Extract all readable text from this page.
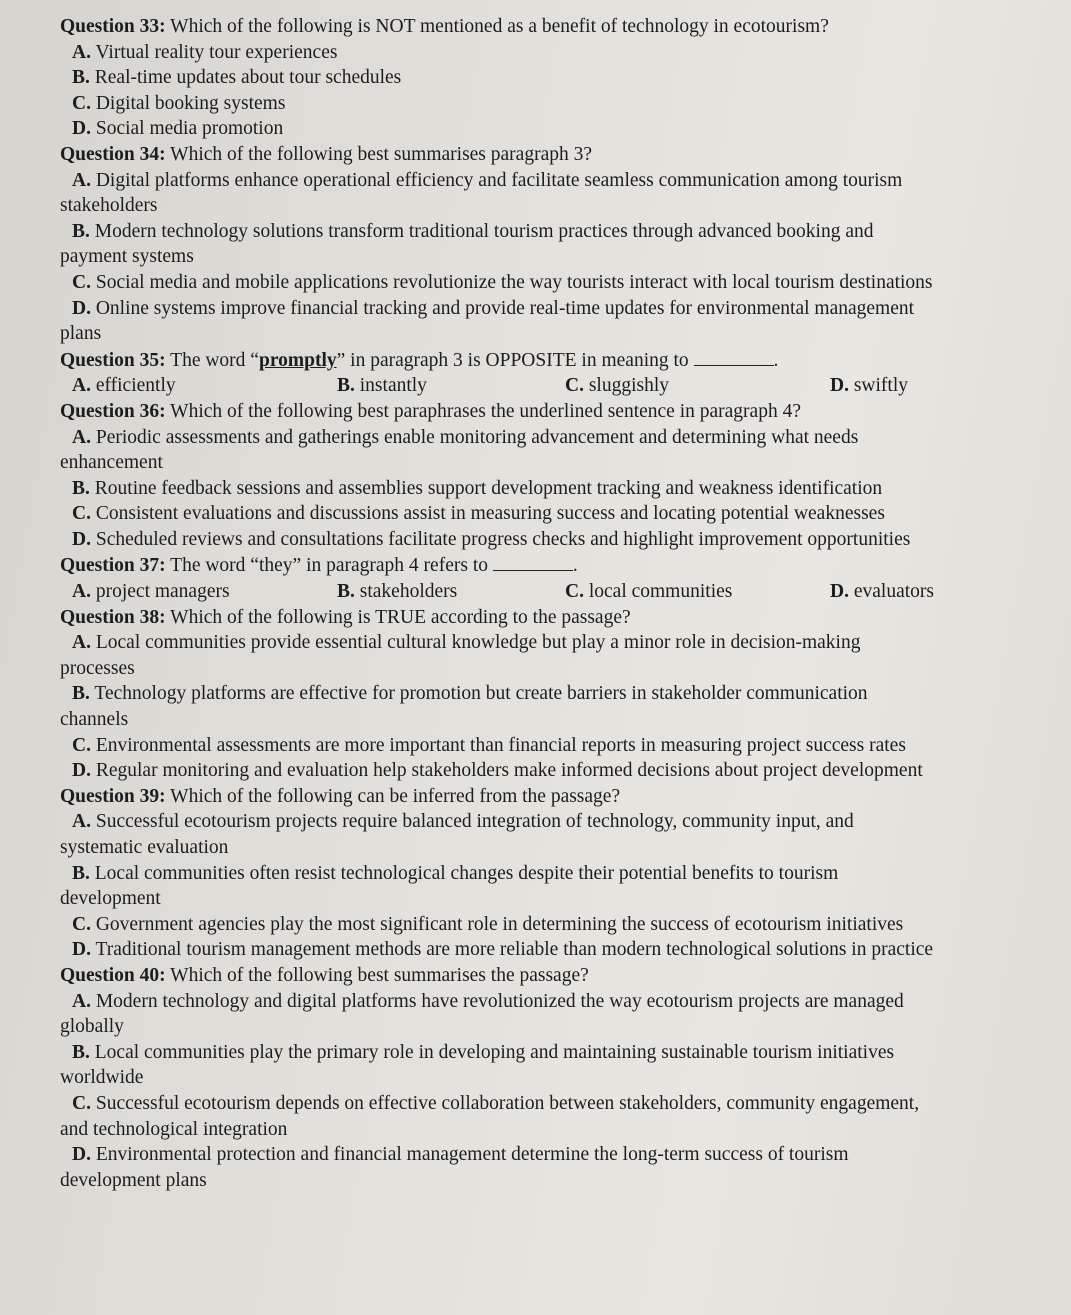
Question 33: Which of the following is NOT mentioned as a benefit of technology in ecotourism?
A. Virtual reality tour experiences
B. Real-time updates about tour schedules
C. Digital booking systems
D. Social media promotion
Question 34: Which of the following best summarises paragraph 3?
A. Digital platforms enhance operational efficiency and facilitate seamless communication among tourism
stakeholders
B. Modern technology solutions transform traditional tourism practices through advanced booking and
payment systems
C. Social media and mobile applications revolutionize the way tourists interact with local tourism destinations
D. Online systems improve financial tracking and provide real-time updates for environmental management
plans
Question 35: The word “promptly” in paragraph 3 is OPPOSITE in meaning to	.
A. efficiently	B. instantly	C. sluggishly	D. swiftly
Question 36: Which of the following best paraphrases the underlined sentence in paragraph 4?
A. Periodic assessments and gatherings enable monitoring advancement and determining what needs
enhancement
B. Routine feedback sessions and assemblies support development tracking and weakness identification
C. Consistent evaluations and discussions assist in measuring success and locating potential weaknesses
D. Scheduled reviews and consultations facilitate progress checks and highlight improvement opportunities
Question 37: The word “they” in paragraph 4 refers to	.
A. project managers	B. stakeholders	C. local communities	D. evaluators
Question 38: Which of the following is TRUE according to the passage?
A. Local communities provide essential cultural knowledge but play a minor role in decision-making
processes
B. Technology platforms are effective for promotion but create barriers in stakeholder communication
channels
C. Environmental assessments are more important than financial reports in measuring project success rates
D. Regular monitoring and evaluation help stakeholders make informed decisions about project development
Question 39: Which of the following can be inferred from the passage?
A. Successful ecotourism projects require balanced integration of technology, community input, and
systematic evaluation
B. Local communities often resist technological changes despite their potential benefits to tourism
development
C. Government agencies play the most significant role in determining the success of ecotourism initiatives
D. Traditional tourism management methods are more reliable than modern technological solutions in practice
Question 40: Which of the following best summarises the passage?
A. Modern technology and digital platforms have revolutionized the way ecotourism projects are managed
globally
B. Local communities play the primary role in developing and maintaining sustainable tourism initiatives
worldwide
C. Successful ecotourism depends on effective collaboration between stakeholders, community engagement,
and technological integration
D. Environmental protection and financial management determine the long-term success of tourism
development plans
